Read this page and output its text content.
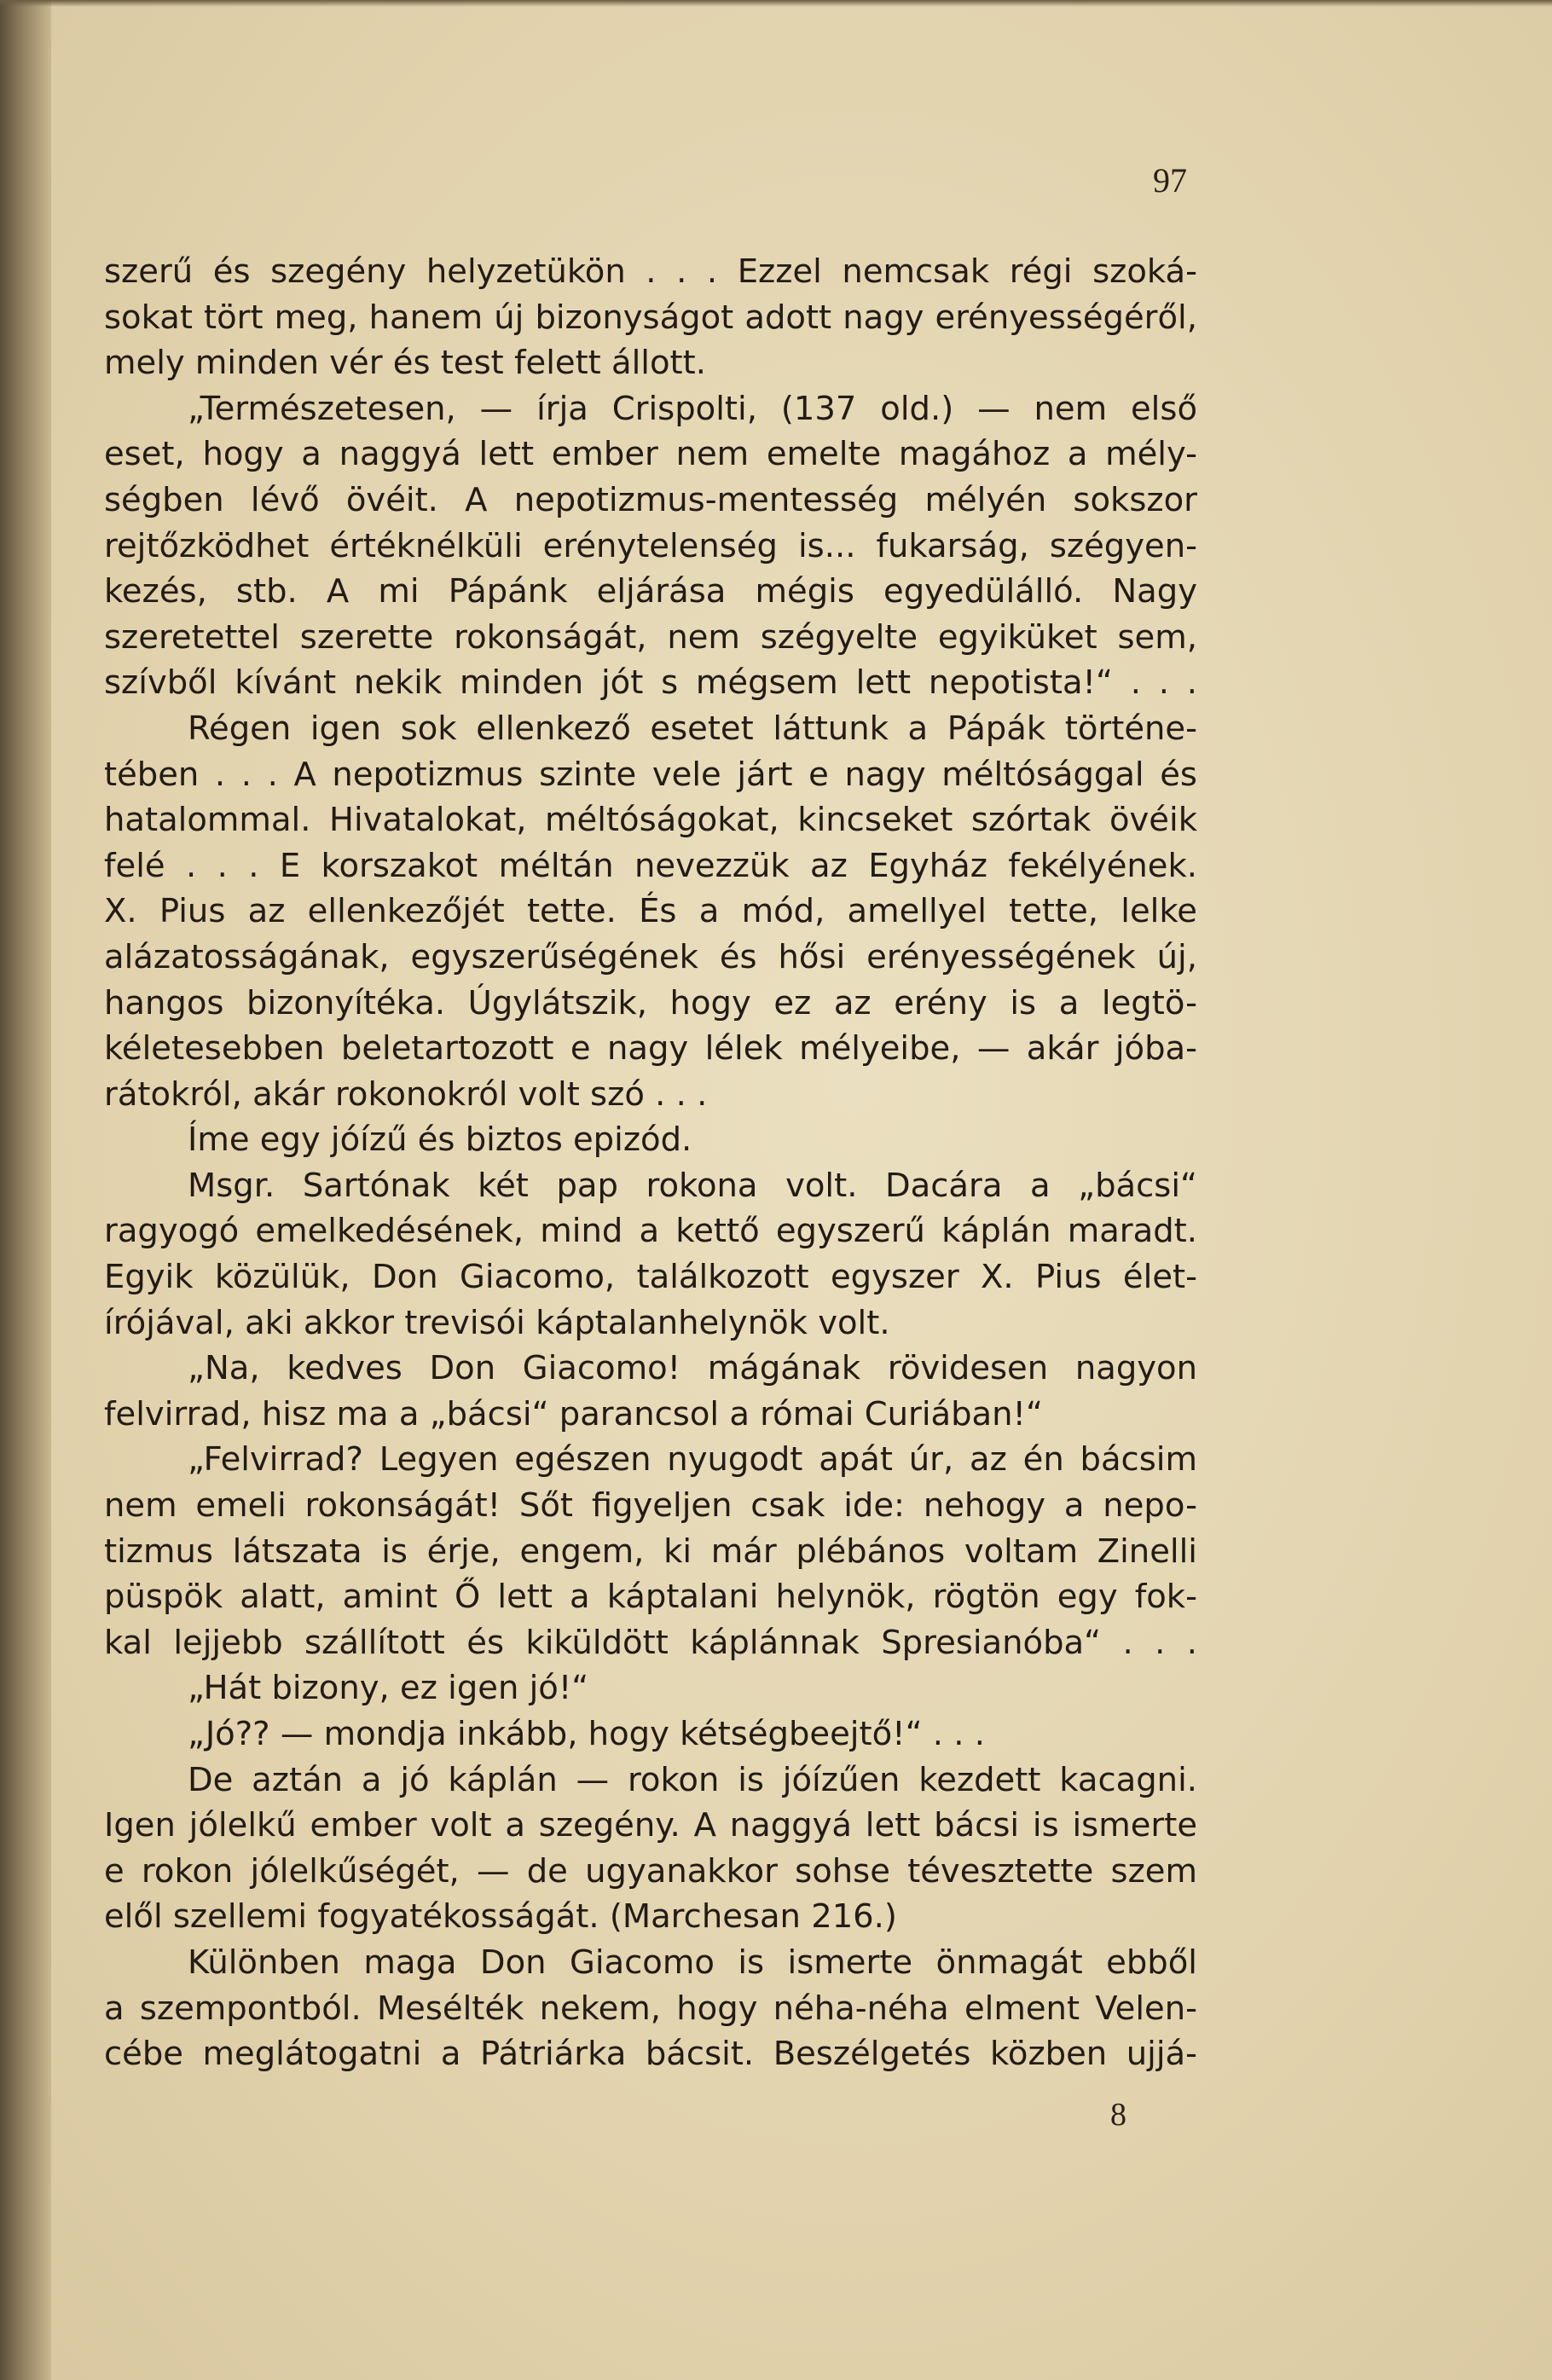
97
szerű és szegény helyzetükön . . . Ezzel nemcsak régi szoká-
sokat tört meg, hanem új bizonyságot adott nagy erényességéről,
mely minden vér és test felett állott.
„Természetesen, — írja Crispolti, (137 old.) — nem első
eset, hogy a naggyá lett ember nem emelte magához a mély-
ségben lévő övéit. A nepotizmus-mentesség mélyén sokszor
rejtőzködhet értéknélküli erénytelenség is... fukarság, szégyen-
kezés, stb. A mi Pápánk eljárása mégis egyedülálló. Nagy
szeretettel szerette rokonságát, nem szégyelte egyiküket sem,
szívből kívánt nekik minden jót s mégsem lett nepotista!“ . . .
Régen igen sok ellenkező esetet láttunk a Pápák történe-
tében . . . A nepotizmus szinte vele járt e nagy méltósággal és
hatalommal. Hivatalokat, méltóságokat, kincseket szórtak övéik
felé . . . E korszakot méltán nevezzük az Egyház fekélyének.
X. Pius az ellenkezőjét tette. És a mód, amellyel tette, lelke
alázatosságának, egyszerűségének és hősi erényességének új,
hangos bizonyítéka. Úgylátszik, hogy ez az erény is a legtö-
kéletesebben beletartozott e nagy lélek mélyeibe, — akár jóba-
rátokról, akár rokonokról volt szó . . .
Íme egy jóízű és biztos epizód.
Msgr. Sartónak két pap rokona volt. Dacára a „bácsi“
ragyogó emelkedésének, mind a kettő egyszerű káplán maradt.
Egyik közülük, Don Giacomo, találkozott egyszer X. Pius élet-
írójával, aki akkor trevisói káptalanhelynök volt.
„Na, kedves Don Giacomo! mágának rövidesen nagyon
felvirrad, hisz ma a „bácsi“ parancsol a római Curiában!“
„Felvirrad? Legyen egészen nyugodt apát úr, az én bácsim
nem emeli rokonságát! Sőt figyeljen csak ide: nehogy a nepo-
tizmus látszata is érje, engem, ki már plébános voltam Zinelli
püspök alatt, amint Ő lett a káptalani helynök, rögtön egy fok-
kal lejjebb szállított és kiküldött káplánnak Spresianóba“ . . .
„Hát bizony, ez igen jó!“
„Jó?? — mondja inkább, hogy kétségbeejtő!“ . . .
De aztán a jó káplán — rokon is jóízűen kezdett kacagni.
Igen jólelkű ember volt a szegény. A naggyá lett bácsi is ismerte
e rokon jólelkűségét, — de ugyanakkor sohse tévesztette szem
elől szellemi fogyatékosságát. (Marchesan 216.)
Különben maga Don Giacomo is ismerte önmagát ebből
a szempontból. Mesélték nekem, hogy néha-néha elment Velen-
cébe meglátogatni a Pátriárka bácsit. Beszélgetés közben ujjá-
8
